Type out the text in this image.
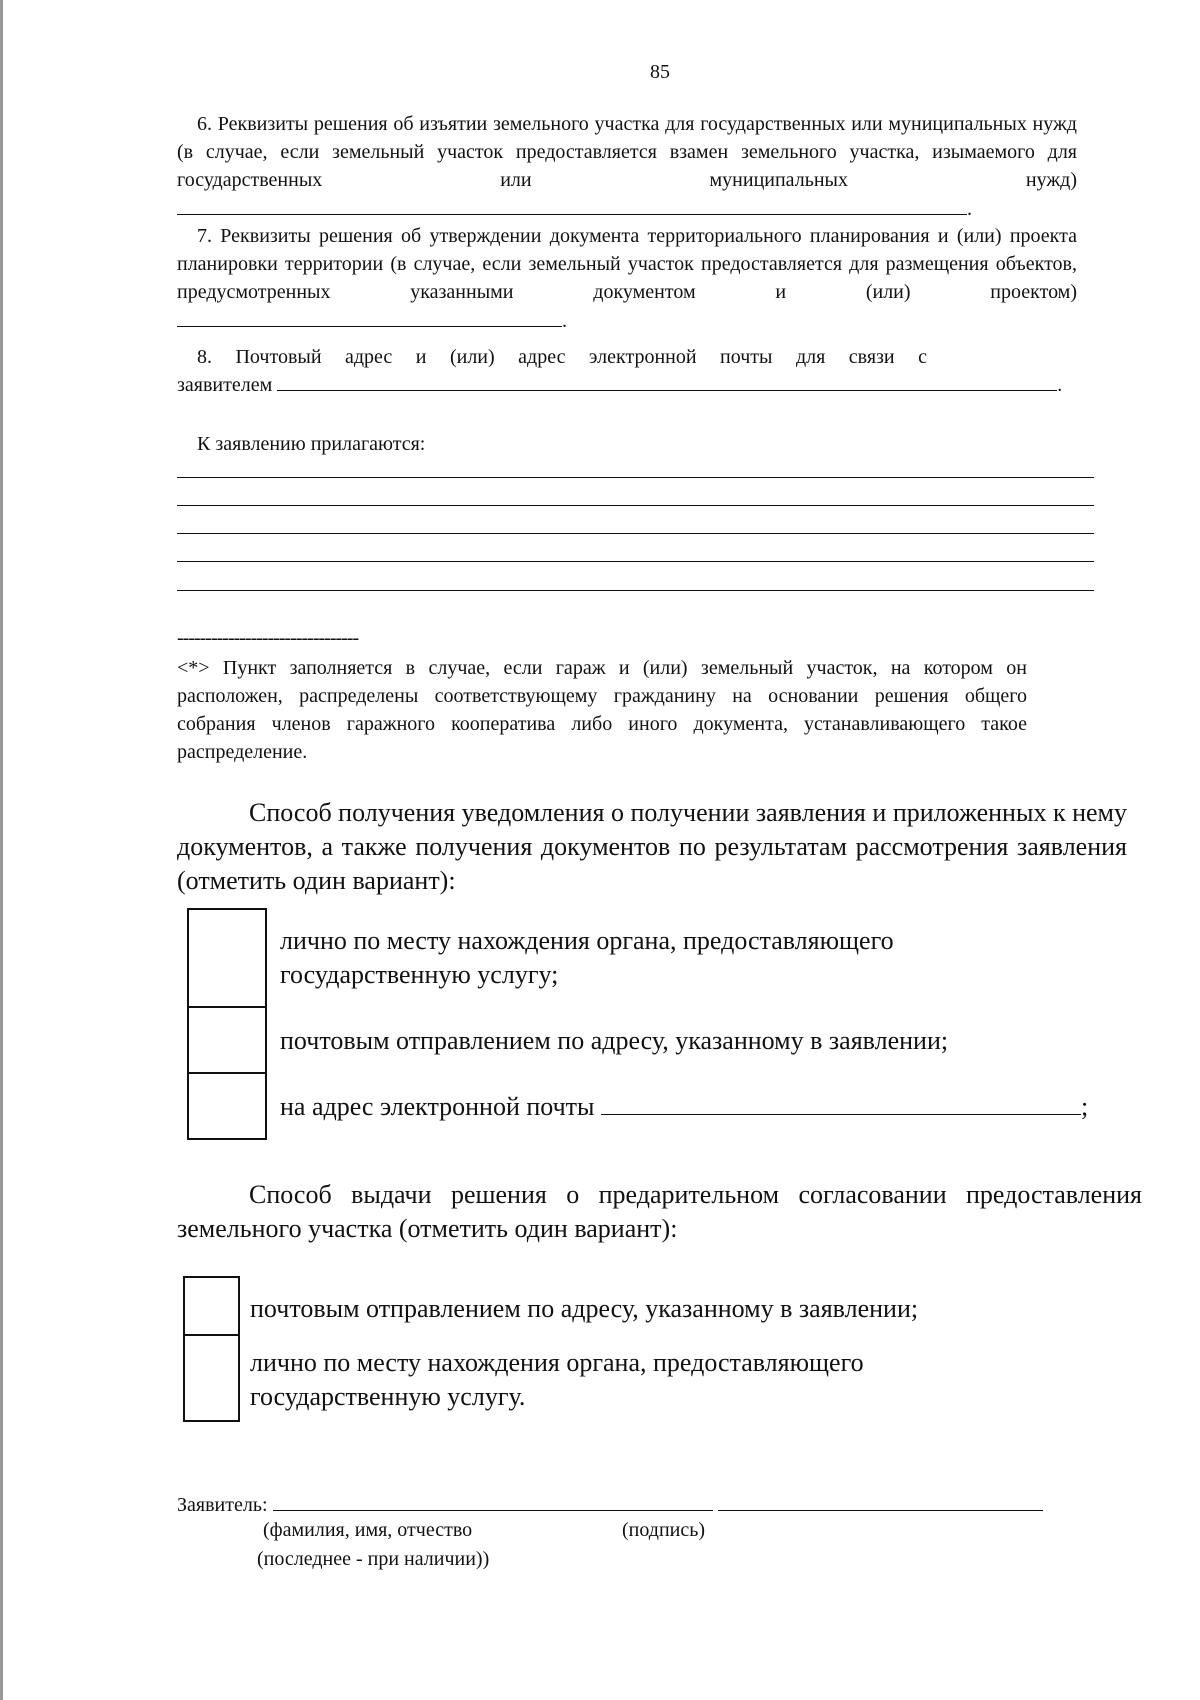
85
6. Реквизиты решения об изъятии земельного участка для государственных или муниципальных нужд (в случае, если земельный участок предоставляется взамен земельного участка, изымаемого для государственных или муниципальных нужд) .
7. Реквизиты решения об утверждении документа территориального планирования и (или) проекта планировки территории (в случае, если земельный участок предоставляется для размещения объектов, предусмотренных указанными документом и (или) проектом) .
8. Почтовый адрес и (или) адрес электронной почты для связи с
заявителем	.
К заявлению прилагаются:
--------------------------------
<*> Пункт заполняется в случае, если гараж и (или) земельный участок, на котором он расположен, распределены соответствующему гражданину на основании решения общего собрания членов гаражного кооператива либо иного документа, устанавливающего такое распределение.
Способ получения уведомления о получении заявления и приложенных к нему документов, а также получения документов по результатам рассмотрения заявления (отметить один вариант):
лично по месту нахождения органа, предоставляющего государственную услугу;
почтовым отправлением по адресу, указанному в заявлении;
на адрес электронной почты	;
Способ выдачи решения о предарительном согласовании предоставления земельного участка (отметить один вариант):
почтовым отправлением по адресу, указанному в заявлении;
лично по месту нахождения органа, предоставляющего государственную услугу.
Заявитель:
(фамилия, имя, отчество
(последнее - при наличии))
(подпись)
